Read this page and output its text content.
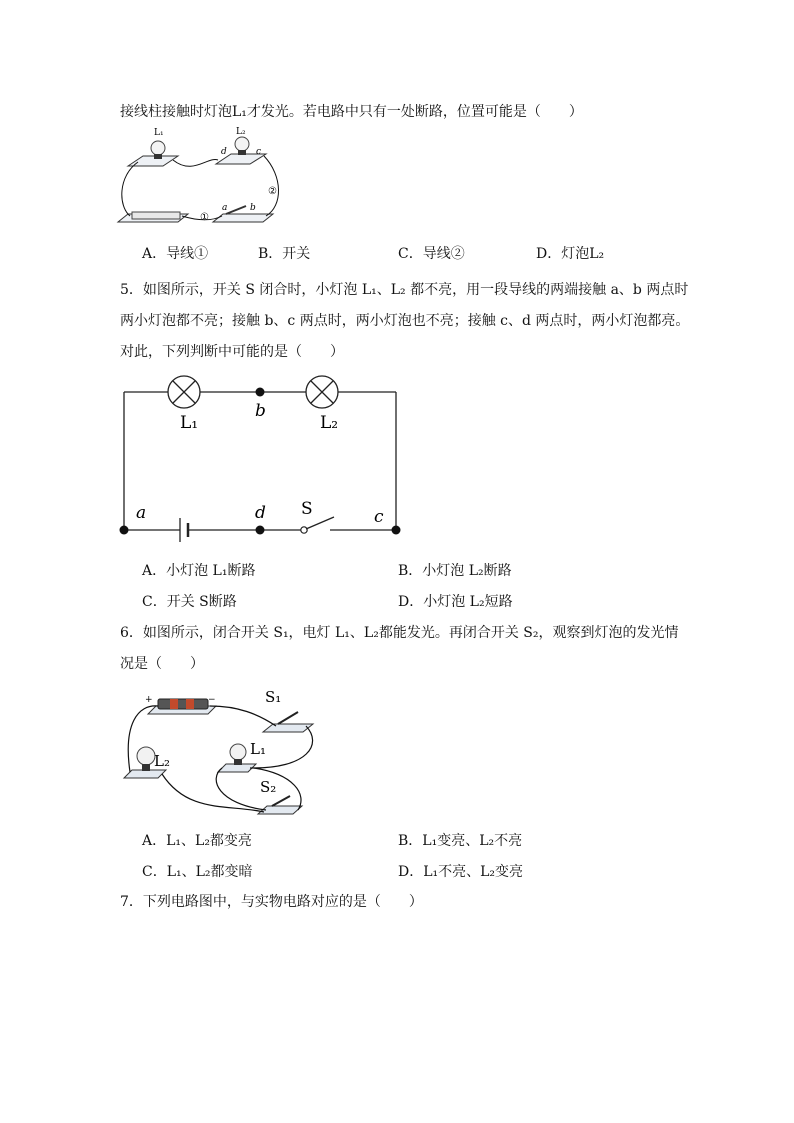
接线柱接触时灯泡L₁才发光。若电路中只有一处断路，位置可能是（　　）
L₁	L₂
d	c
a	b
①
②
A．导线①	B．开关	C．导线②	D．灯泡L₂
5．如图所示，开关 S 闭合时，小灯泡 L₁、L₂ 都不亮，用一段导线的两端接触 a、b 两点时
两小灯泡都不亮；接触 b、c 两点时，两小灯泡也不亮；接触 c、d 两点时，两小灯泡都亮。
对此，下列判断中可能的是（　　）
L₁	L₂
b
a	d	c
S
A．小灯泡 L₁断路	B．小灯泡 L₂断路
C．开关 S断路	D．小灯泡 L₂短路
6．如图所示，闭合开关 S₁，电灯 L₁、L₂都能发光。再闭合开关 S₂，观察到灯泡的发光情
况是（　　）
+	−	S₁
L₁
L₂
S₂
A．L₁、L₂都变亮	B．L₁变亮、L₂不亮
C．L₁、L₂都变暗	D．L₁不亮、L₂变亮
7．下列电路图中，与实物电路对应的是（　　）
